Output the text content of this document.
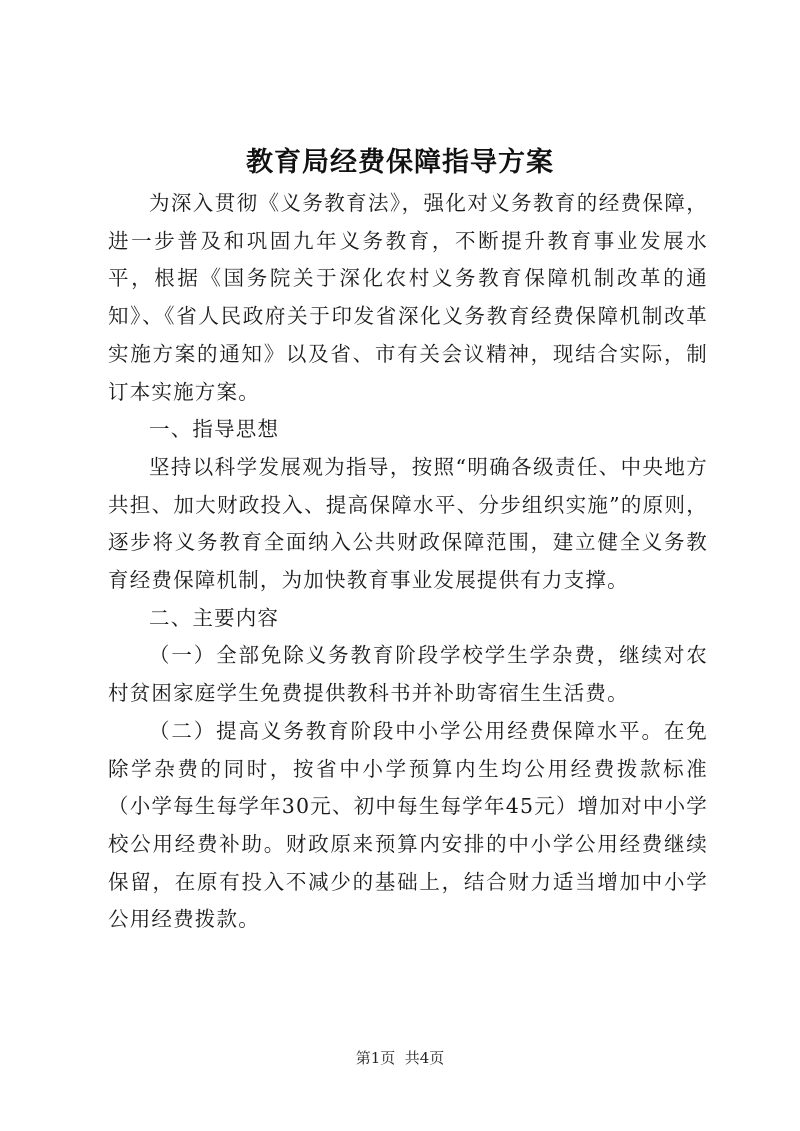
教育局经费保障指导方案

为深入贯彻《义务教育法》，强化对义务教育的经费保障，进一步普及和巩固九年义务教育，不断提升教育事业发展水平，根据《国务院关于深化农村义务教育保障机制改革的通知》、《省人民政府关于印发省深化义务教育经费保障机制改革实施方案的通知》以及省、市有关会议精神，现结合实际，制订本实施方案。

一、指导思想

坚持以科学发展观为指导，按照“明确各级责任、中央地方共担、加大财政投入、提高保障水平、分步组织实施”的原则，逐步将义务教育全面纳入公共财政保障范围，建立健全义务教育经费保障机制，为加快教育事业发展提供有力支撑。

二、主要内容

（一）全部免除义务教育阶段学校学生学杂费，继续对农村贫困家庭学生免费提供教科书并补助寄宿生生活费。

（二）提高义务教育阶段中小学公用经费保障水平。在免除学杂费的同时，按省中小学预算内生均公用经费拨款标准（小学每生每学年30元、初中每生每学年45元）增加对中小学校公用经费补助。财政原来预算内安排的中小学公用经费继续保留，在原有投入不减少的基础上，结合财力适当增加中小学公用经费拨款。

第1页  共4页
